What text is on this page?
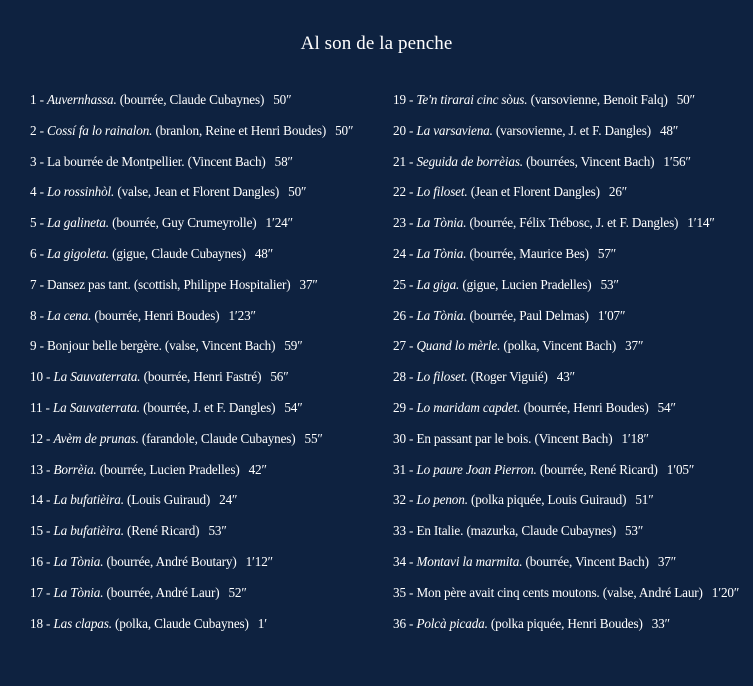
Al son de la penche
1 - Auvernhassa. (bourrée, Claude Cubaynes) 50″
2 - Cossí fa lo rainalon. (branlon, Reine et Henri Boudes) 50″
3 - La bourrée de Montpellier. (Vincent Bach) 58″
4 - Lo rossinhòl. (valse, Jean et Florent Dangles) 50″
5 - La galineta. (bourrée, Guy Crumeyrolle) 1′24″
6 - La gigoleta. (gigue, Claude Cubaynes) 48″
7 - Dansez pas tant. (scottish, Philippe Hospitalier) 37″
8 - La cena. (bourrée, Henri Boudes) 1′23″
9 - Bonjour belle bergère. (valse, Vincent Bach) 59″
10 - La Sauvaterrata. (bourrée, Henri Fastré) 56″
11 - La Sauvaterrata. (bourrée, J. et F. Dangles) 54″
12 - Avèm de prunas. (farandole, Claude Cubaynes) 55″
13 - Borrèia. (bourrée, Lucien Pradelles) 42″
14 - La bufatièira. (Louis Guiraud) 24″
15 - La bufatièira. (René Ricard) 53″
16 - La Tònia. (bourrée, André Boutary) 1′12″
17 - La Tònia. (bourrée, André Laur) 52″
18 - Las clapas. (polka, Claude Cubaynes) 1′
19 - Te'n tirarai cinc sòus. (varsovienne, Benoit Falq) 50″
20 - La varsaviena. (varsovienne, J. et F. Dangles) 48″
21 - Seguida de borrèias. (bourrées, Vincent Bach) 1′56″
22 - Lo filoset. (Jean et Florent Dangles) 26″
23 - La Tònia. (bourrée, Félix Trébosc, J. et F. Dangles) 1′14″
24 - La Tònia. (bourrée, Maurice Bes) 57″
25 - La giga. (gigue, Lucien Pradelles) 53″
26 - La Tònia. (bourrée, Paul Delmas) 1′07″
27 - Quand lo mèrle. (polka, Vincent Bach) 37″
28 - Lo filoset. (Roger Viguié) 43″
29 - Lo maridam capdet. (bourrée, Henri Boudes) 54″
30 - En passant par le bois. (Vincent Bach) 1′18″
31 - Lo paure Joan Pierron. (bourrée, René Ricard) 1′05″
32 - Lo penon. (polka piquée, Louis Guiraud) 51″
33 - En Italie. (mazurka, Claude Cubaynes) 53″
34 - Montavi la marmita. (bourrée, Vincent Bach) 37″
35 - Mon père avait cinq cents moutons. (valse, André Laur) 1′20″
36 - Polcà picada. (polka piquée, Henri Boudes) 33″
